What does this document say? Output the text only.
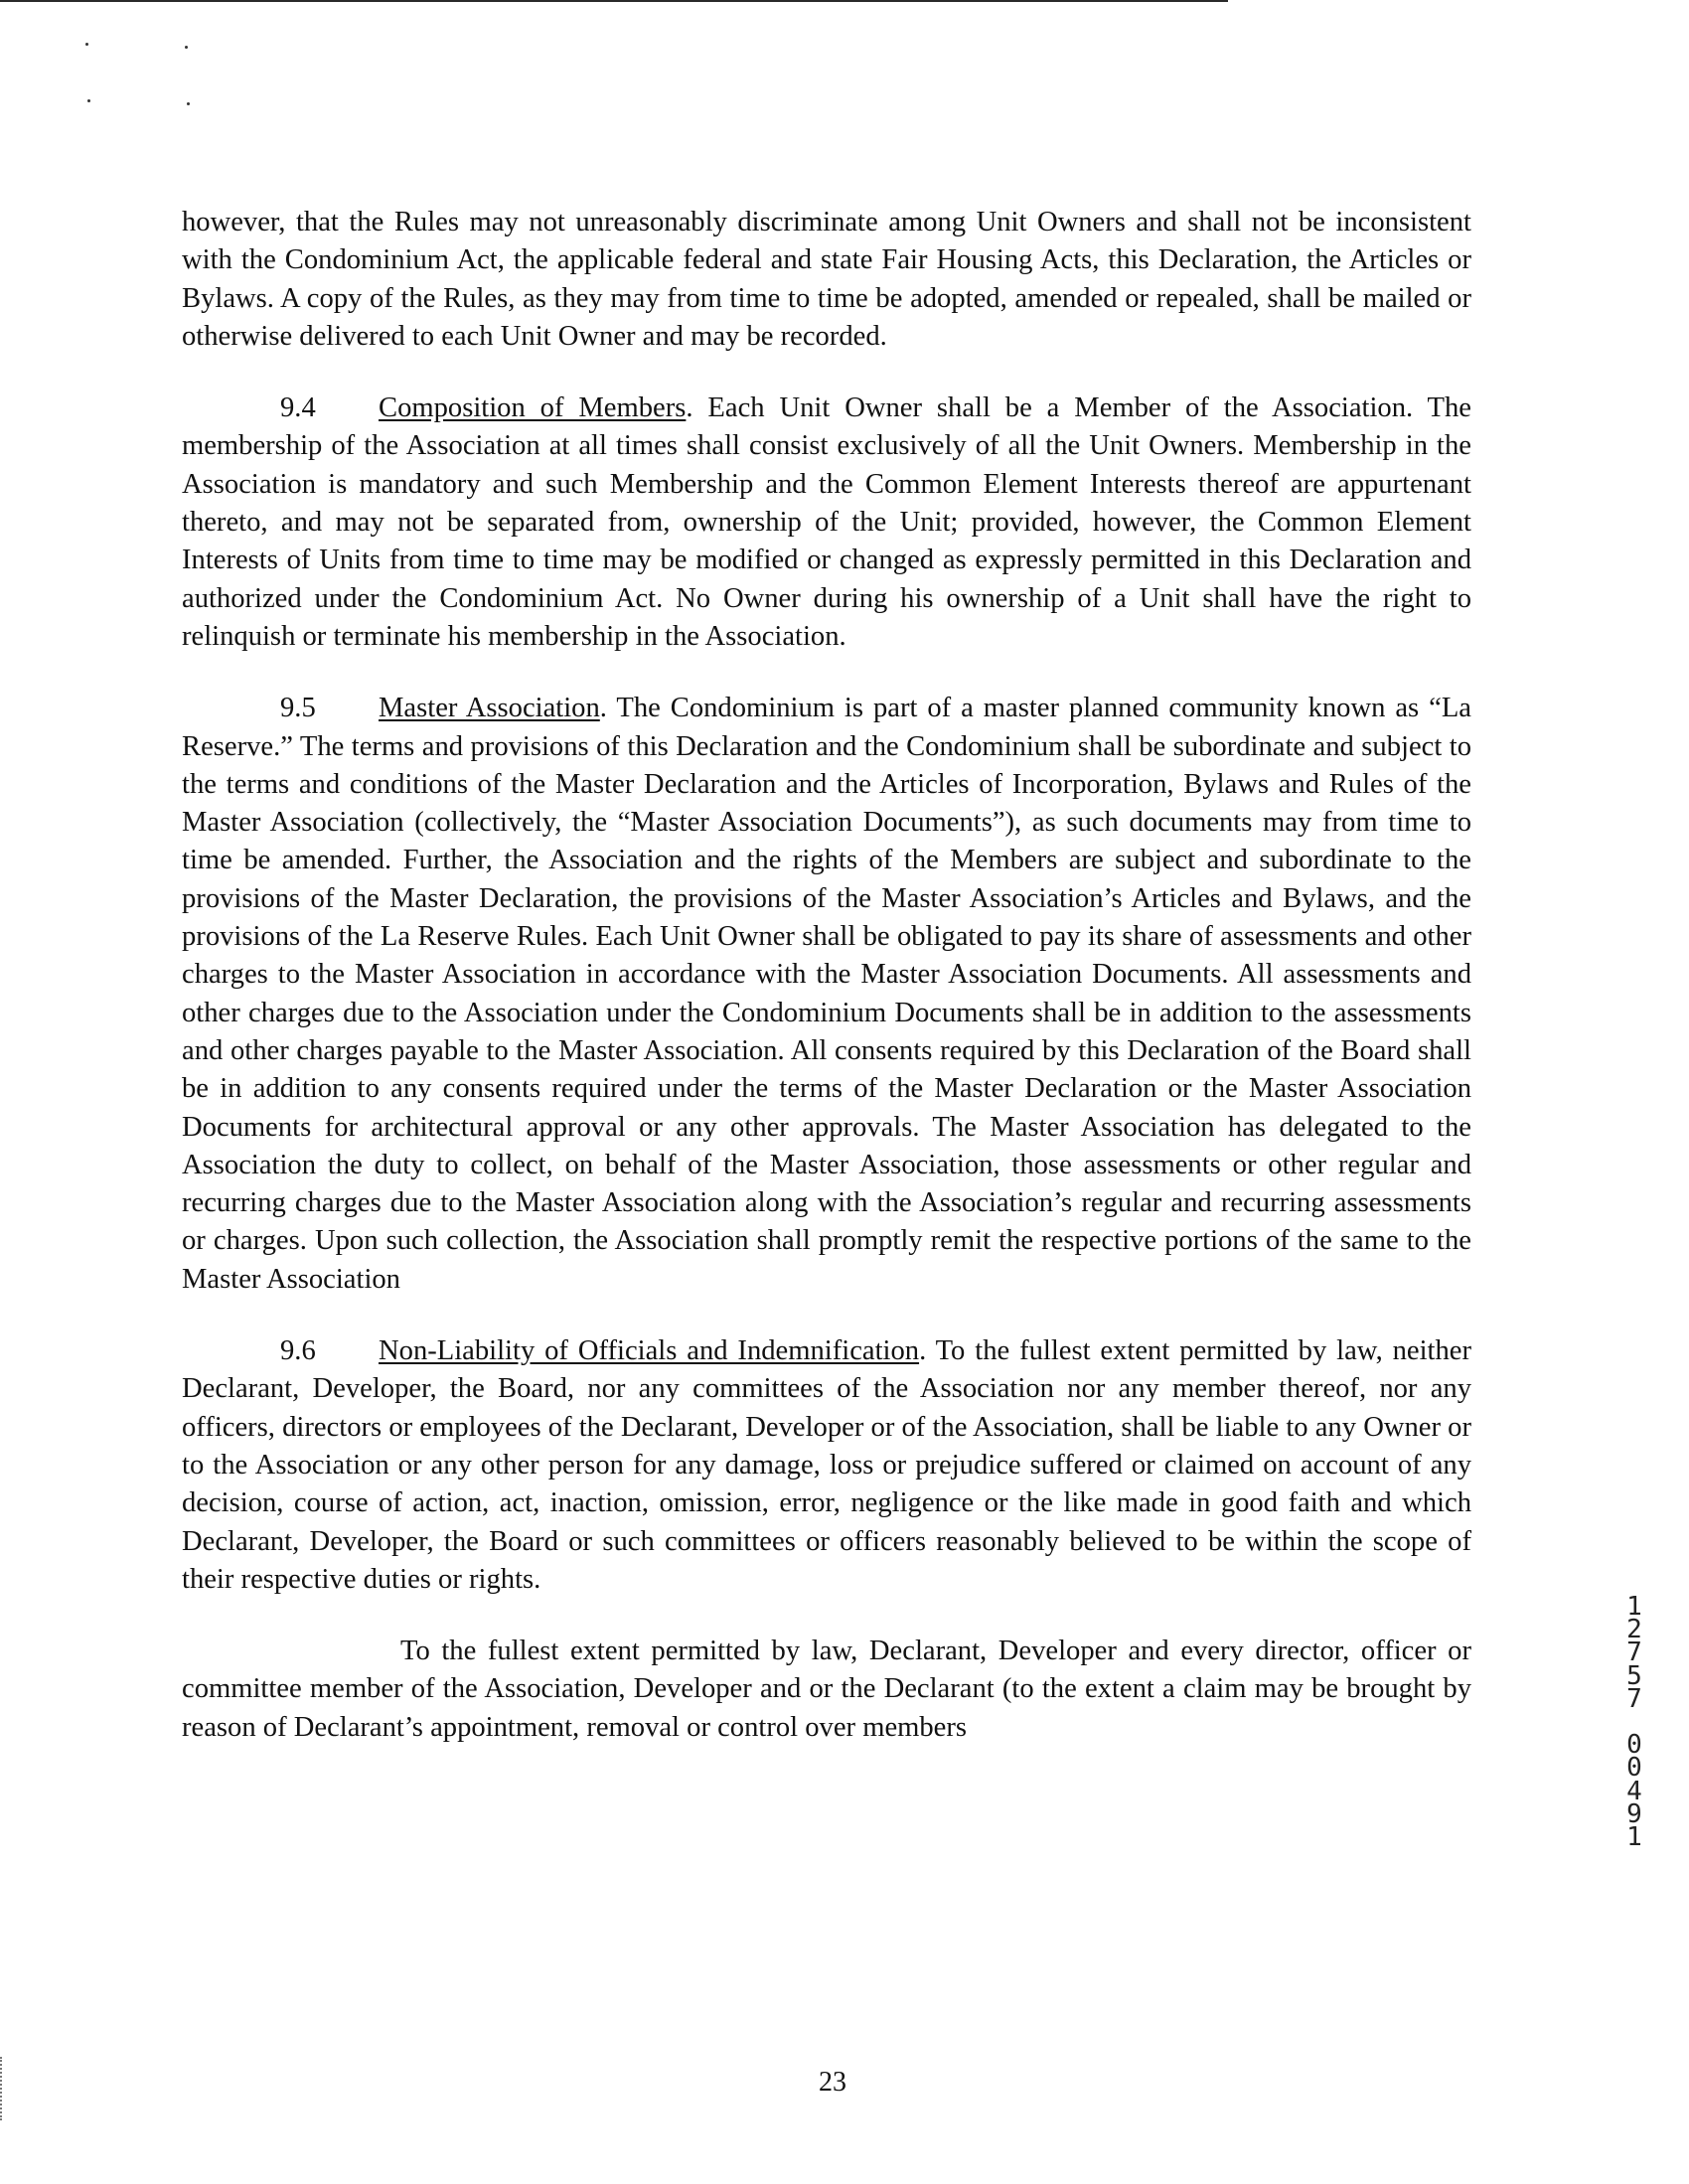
however, that the Rules may not unreasonably discriminate among Unit Owners and shall not be inconsistent with the Condominium Act, the applicable federal and state Fair Housing Acts, this Declaration, the Articles or Bylaws. A copy of the Rules, as they may from time to time be adopted, amended or repealed, shall be mailed or otherwise delivered to each Unit Owner and may be recorded.

9.4 Composition of Members. Each Unit Owner shall be a Member of the Association. The membership of the Association at all times shall consist exclusively of all the Unit Owners. Membership in the Association is mandatory and such Membership and the Common Element Interests thereof are appurtenant thereto, and may not be separated from, ownership of the Unit; provided, however, the Common Element Interests of Units from time to time may be modified or changed as expressly permitted in this Declaration and authorized under the Condominium Act. No Owner during his ownership of a Unit shall have the right to relinquish or terminate his membership in the Association.

9.5 Master Association. The Condominium is part of a master planned community known as “La Reserve.” The terms and provisions of this Declaration and the Condominium shall be subordinate and subject to the terms and conditions of the Master Declaration and the Articles of Incorporation, Bylaws and Rules of the Master Association (collectively, the “Master Association Documents”), as such documents may from time to time be amended. Further, the Association and the rights of the Members are subject and subordinate to the provisions of the Master Declaration, the provisions of the Master Association’s Articles and Bylaws, and the provisions of the La Reserve Rules. Each Unit Owner shall be obligated to pay its share of assessments and other charges to the Master Association in accordance with the Master Association Documents. All assessments and other charges due to the Association under the Condominium Documents shall be in addition to the assessments and other charges payable to the Master Association. All consents required by this Declaration of the Board shall be in addition to any consents required under the terms of the Master Declaration or the Master Association Documents for architectural approval or any other approvals. The Master Association has delegated to the Association the duty to collect, on behalf of the Master Association, those assessments or other regular and recurring charges due to the Master Association along with the Association’s regular and recurring assessments or charges. Upon such collection, the Association shall promptly remit the respective portions of the same to the Master Association

9.6 Non-Liability of Officials and Indemnification. To the fullest extent permitted by law, neither Declarant, Developer, the Board, nor any committees of the Association nor any member thereof, nor any officers, directors or employees of the Declarant, Developer or of the Association, shall be liable to any Owner or to the Association or any other person for any damage, loss or prejudice suffered or claimed on account of any decision, course of action, act, inaction, omission, error, negligence or the like made in good faith and which Declarant, Developer, the Board or such committees or officers reasonably believed to be within the scope of their respective duties or rights.

To the fullest extent permitted by law, Declarant, Developer and every director, officer or committee member of the Association, Developer and or the Declarant (to the extent a claim may be brought by reason of Declarant’s appointment, removal or control over members

1
2
7
5
7
0
0
4
9
1
23
